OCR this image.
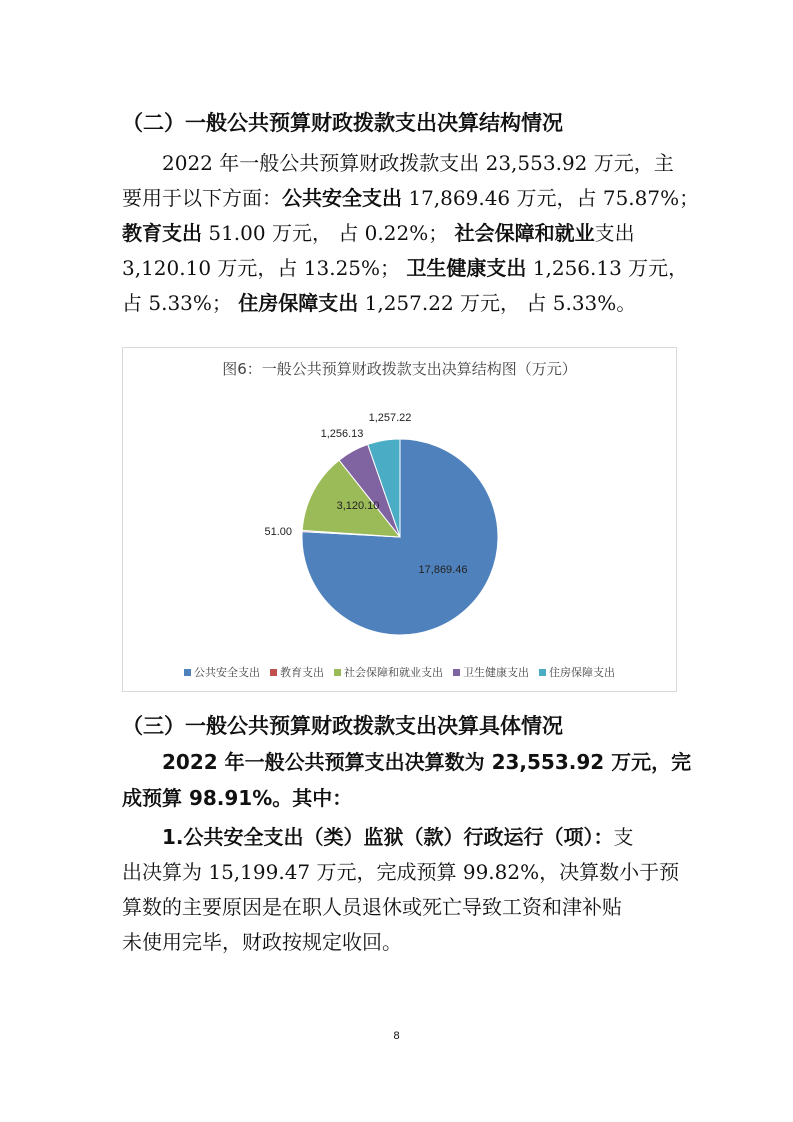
（二）一般公共预算财政拨款支出决算结构情况
2022 年一般公共预算财政拨款支出 23,553.92 万元，主
要用于以下方面：公共安全支出 17,869.46 万元，占 75.87%；
教育支出 51.00 万元， 占 0.22%； 社会保障和就业支出
3,120.10 万元，占 13.25%； 卫生健康支出 1,256.13 万元，
占 5.33%； 住房保障支出 1,257.22 万元， 占 5.33%。
图6：一般公共预算财政拨款支出决算结构图（万元）
17,869.46
51.00
3,120.10
1,256.13
1,257.22
公共安全支出 教育支出 社会保障和就业支出 卫生健康支出 住房保障支出
（三）一般公共预算财政拨款支出决算具体情况
2022 年一般公共预算支出决算数为 23,553.92 万元，完
成预算 98.91%。其中：
1.公共安全支出（类）监狱（款）行政运行（项）：支
出决算为 15,199.47 万元，完成预算 99.82%，决算数小于预
算数的主要原因是在职人员退休或死亡导致工资和津补贴
未使用完毕，财政按规定收回。
8
